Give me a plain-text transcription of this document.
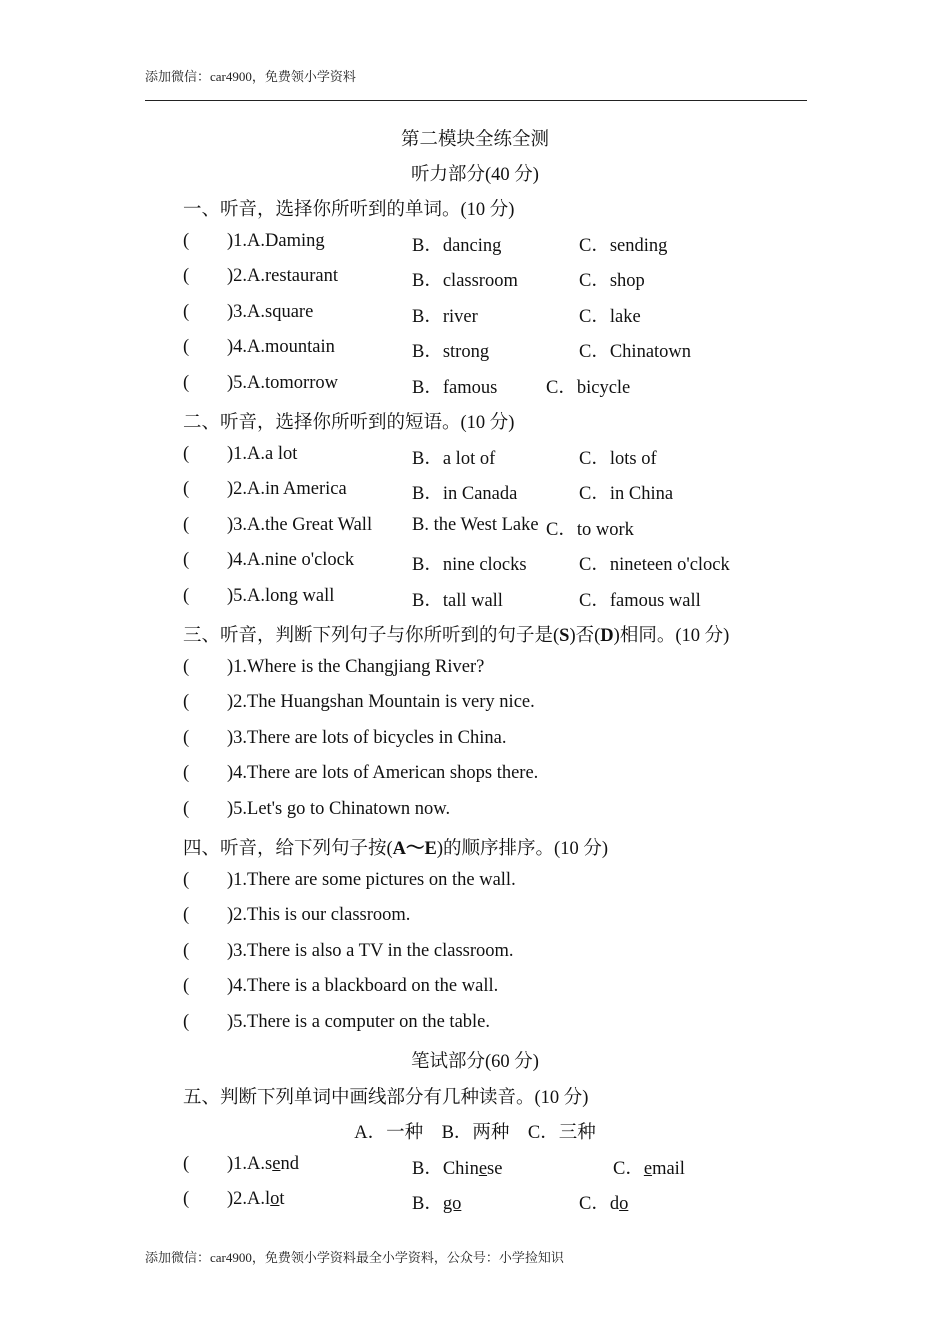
添加微信：car4900，免费领小学资料
第二模块全练全测
听力部分(40 分)
一、听音，选择你所听到的单词。(10 分)
( )1.A.Daming	B．dancing	C．sending
( )2.A.restaurant	B．classroom	C．shop
( )3.A.square	B．river	C．lake
( )4.A.mountain	B．strong	C．Chinatown
( )5.A.tomorrow	B．famous	C．bicycle
二、听音，选择你所听到的短语。(10 分)
( )1.A.a lot	B．a lot of	C．lots of
( )2.A.in America	B．in Canada	C．in China
( )3.A.the Great Wall B. the West Lake C．to work
( )4.A.nine o'clock	B．nine clocks	C．nineteen o'clock
( )5.A.long wall	B．tall wall	C．famous wall
三、听音，判断下列句子与你所听到的句子是(S)否(D)相同。(10 分)
( )1.Where is the Changjiang River?
( )2.The Huangshan Mountain is very nice.
( )3.There are lots of bicycles in China.
( )4.There are lots of American shops there.
( )5.Let's go to Chinatown now.
四、听音，给下列句子按(A～E)的顺序排序。(10 分)
( )1.There are some pictures on the wall.
( )2.This is our classroom.
( )3.There is also a TV in the classroom.
( )4.There is a blackboard on the wall.
( )5.There is a computer on the table.
笔试部分(60 分)
五、判断下列单词中画线部分有几种读音。(10 分)
A．一种　B．两种　C．三种
( )1.A.send	B．Chinese	C．email
( )2.A.lot	B．go	C．do
添加微信：car4900，免费领小学资料最全小学资料，公众号：小学捡知识
